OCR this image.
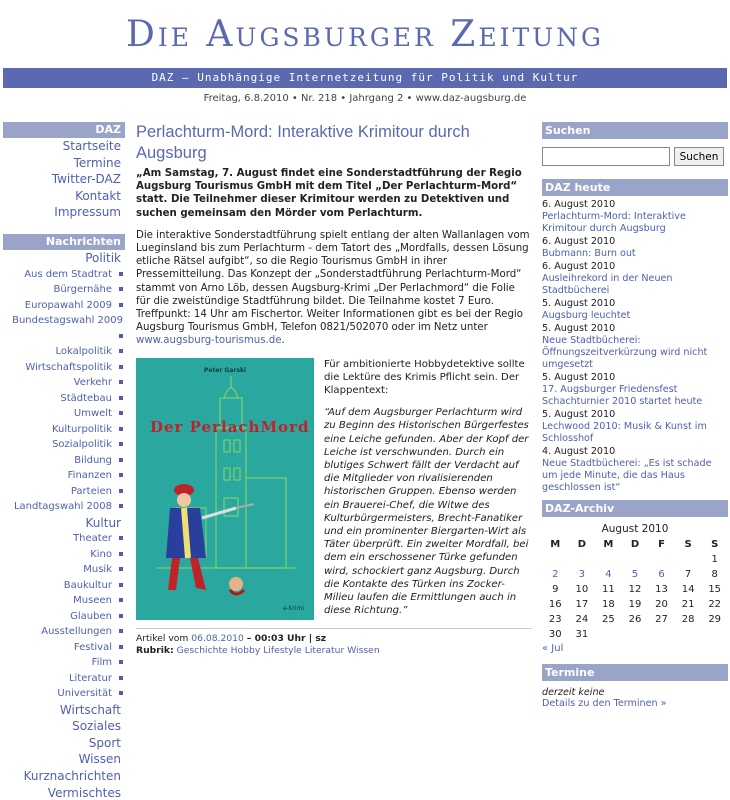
Die Augsburger Zeitung
DAZ – Unabhängige Internetzeitung für Politik und Kultur
Freitag, 6.8.2010 • Nr. 218 • Jahrgang 2 • www.daz-augsburg.de
DAZ
Startseite
Termine
Twitter-DAZ
Kontakt
Impressum
Nachrichten
Politik
Aus dem Stadtrat
Bürgernähe
Europawahl 2009
Bundestagswahl 2009
Lokalpolitik
Wirtschaftspolitik
Verkehr
Städtebau
Umwelt
Kulturpolitik
Sozialpolitik
Bildung
Finanzen
Parteien
Landtagswahl 2008
Kultur
Theater
Kino
Musik
Baukultur
Museen
Glauben
Ausstellungen
Festival
Film
Literatur
Universität
Wirtschaft
Soziales
Sport
Wissen
Kurznachrichten
Vermischtes
Perlachturm-Mord: Interaktive Krimitour durch Augsburg

„Am Samstag, 7. August findet eine Sonderstadtführung der Regio Augsburg Tourismus GmbH mit dem Titel „Der Perlachturm-Mord“ statt. Die Teilnehmer dieser Krimitour werden zu Detektiven und suchen gemeinsam den Mörder vom Perlachturm.

Die interaktive Sonderstadtführung spielt entlang der alten Wallanlagen vom Lueginsland bis zum Perlachturm - dem Tatort des „Mordfalls, dessen Lösung etliche Rätsel aufgibt“, so die Regio Tourismus GmbH in ihrer Pressemitteilung. Das Konzept der „Sonderstadtführung Perlachturm-Mord“ stammt von Arno Löb, dessen Augsburg-Krimi „Der Perlachmord“ die Folie für die zweistündige Stadtführung bildet. Die Teilnahme kostet 7 Euro. Treffpunkt: 14 Uhr am Fischertor. Weiter Informationen gibt es bei der Regio Augsburg Tourismus GmbH, Telefon 0821/502070 oder im Netz unter www.augsburg-tourismus.de.

Peter Garski
Der PerlachMord
a-Krimi

Für ambitionierte Hobbydetektive sollte die Lektüre des Krimis Pflicht sein. Der Klappentext:

“Auf dem Augsburger Perlachturm wird zu Beginn des Historischen Bürgerfestes eine Leiche gefunden. Aber der Kopf der Leiche ist verschwunden. Durch ein blutiges Schwert fällt der Verdacht auf die Mitglieder von rivalisierenden historischen Gruppen. Ebenso werden ein Brauerei-Chef, die Witwe des Kulturbürgermeisters, Brecht-Fanatiker und ein prominenter Biergarten-Wirt als Täter überprüft. Ein zweiter Mordfall, bei dem ein erschossener Türke gefunden wird, schockiert ganz Augsburg. Durch die Kontakte des Türken ins Zocker-Milieu laufen die Ermittlungen auch in diese Richtung.”

Artikel vom 06.08.2010 – 00:03 Uhr | sz
Rubrik: Geschichte Hobby Lifestyle Literatur Wissen
Suchen
Suchen
DAZ heute
6. August 2010
Perlachturm-Mord: Interaktive Krimitour durch Augsburg
6. August 2010
Bubmann: Burn out
6. August 2010
Ausleihrekord in der Neuen Stadtbücherei
5. August 2010
Augsburg leuchtet
5. August 2010
Neue Stadtbücherei: Öffnungszeitverkürzung wird nicht umgesetzt
5. August 2010
17. Augsburger Friedensfest Schachturnier 2010 startet heute
5. August 2010
Lechwood 2010: Musik & Kunst im Schlosshof
4. August 2010
Neue Stadtbücherei: „Es ist schade um jede Minute, die das Haus geschlossen ist“
DAZ-Archiv
August 2010
M	D	M	D	F	S	S
						1
2	3	4	5	6	7	8
9	10	11	12	13	14	15
16	17	18	19	20	21	22
23	24	25	26	27	28	29
30	31					
« Jul
Termine
derzeit keine
Details zu den Terminen »
